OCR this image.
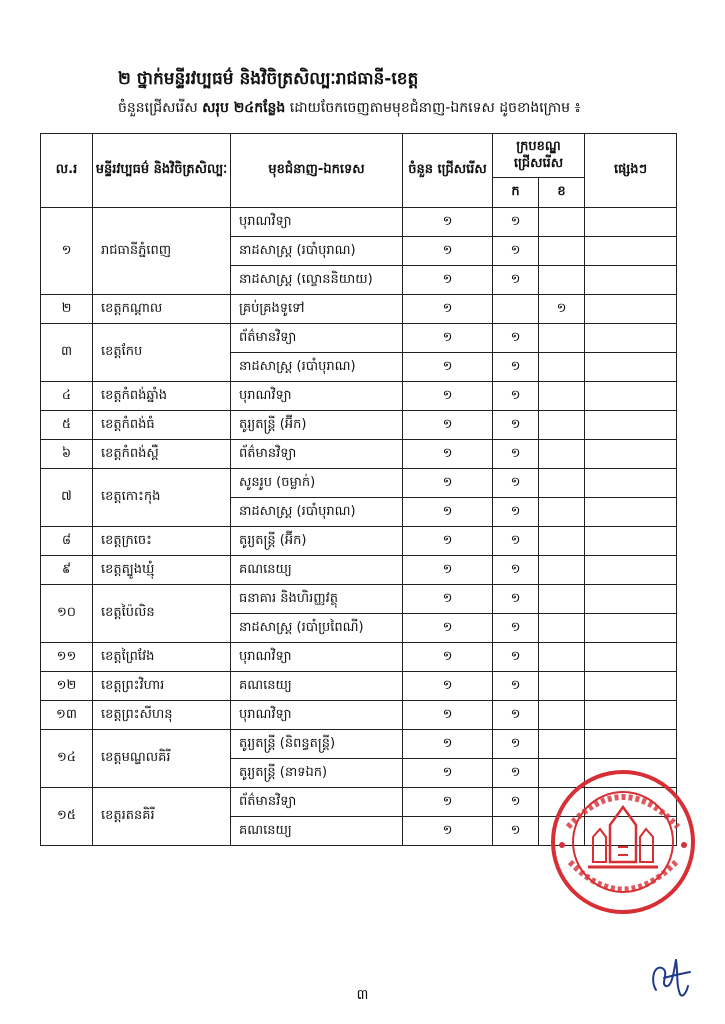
២ ថ្នាក់មន្ទីរវប្បធម៌ និងវិចិត្រសិល្បៈរាជធានី-ខេត្ត
ចំនួនជ្រើសរើស សរុប ២៤កន្លែង ដោយចែកចេញតាមមុខជំនាញ-ឯកទេស ដូចខាងក្រោម ៖
ល.រ	មន្ទីរវប្បធម៌ និងវិចិត្រសិល្បៈ	មុខជំនាញ-ឯកទេស	ចំនួន ជ្រើសរើស	ក្របខណ្ឌ ជ្រើសរើស		ផ្សេងៗ
				ក	ខ	
១	រាជធានីភ្នំពេញ	បុរាណវិទ្យា	១	១		
		នាដសាស្ត្រ (របាំបុរាណ)	១	១		
		នាដសាស្ត្រ (ល្ខោននិយាយ)	១	១		
២	ខេត្តកណ្តាល	គ្រប់គ្រងទូទៅ	១		១	
៣	ខេត្តកែប	ព័ត៌មានវិទ្យា	១	១		
		នាដសាស្ត្រ (របាំបុរាណ)	១	១		
៤	ខេត្តកំពង់ឆ្នាំង	បុរាណវិទ្យា	១	១		
៥	ខេត្តកំពង់ធំ	តូរ្យតន្ត្រី (អ៊ីក)	១	១		
៦	ខេត្តកំពង់ស្ពឺ	ព័ត៌មានវិទ្យា	១	១		
៧	ខេត្តកោះកុង	សូនរូប (ចម្លាក់)	១	១		
		នាដសាស្ត្រ (របាំបុរាណ)	១	១		
៨	ខេត្តក្រចេះ	តូរ្យតន្ត្រី (អ៊ីក)	១	១		
៩	ខេត្តត្បូងឃ្មុំ	គណនេយ្យ	១	១		
១០	ខេត្តប៉ៃលិន	ធនាគារ និងហិរញ្ញវត្ថុ	១	១		
		នាដសាស្ត្រ (របាំប្រពៃណី)	១	១		
១១	ខេត្តព្រៃវែង	បុរាណវិទ្យា	១	១		
១២	ខេត្តព្រះវិហារ	គណនេយ្យ	១	១		
១៣	ខេត្តព្រះសីហនុ	បុរាណវិទ្យា	១	១		
១៤	ខេត្តមណ្ឌលគិរី	តូរ្យតន្ត្រី (និពន្ធតន្ត្រី)	១	១		
		តូរ្យតន្ត្រី (នាទឯក)	១	១		
១៥	ខេត្តរតនគិរី	ព័ត៌មានវិទ្យា	១	១		
		គណនេយ្យ	១	១		
៣
